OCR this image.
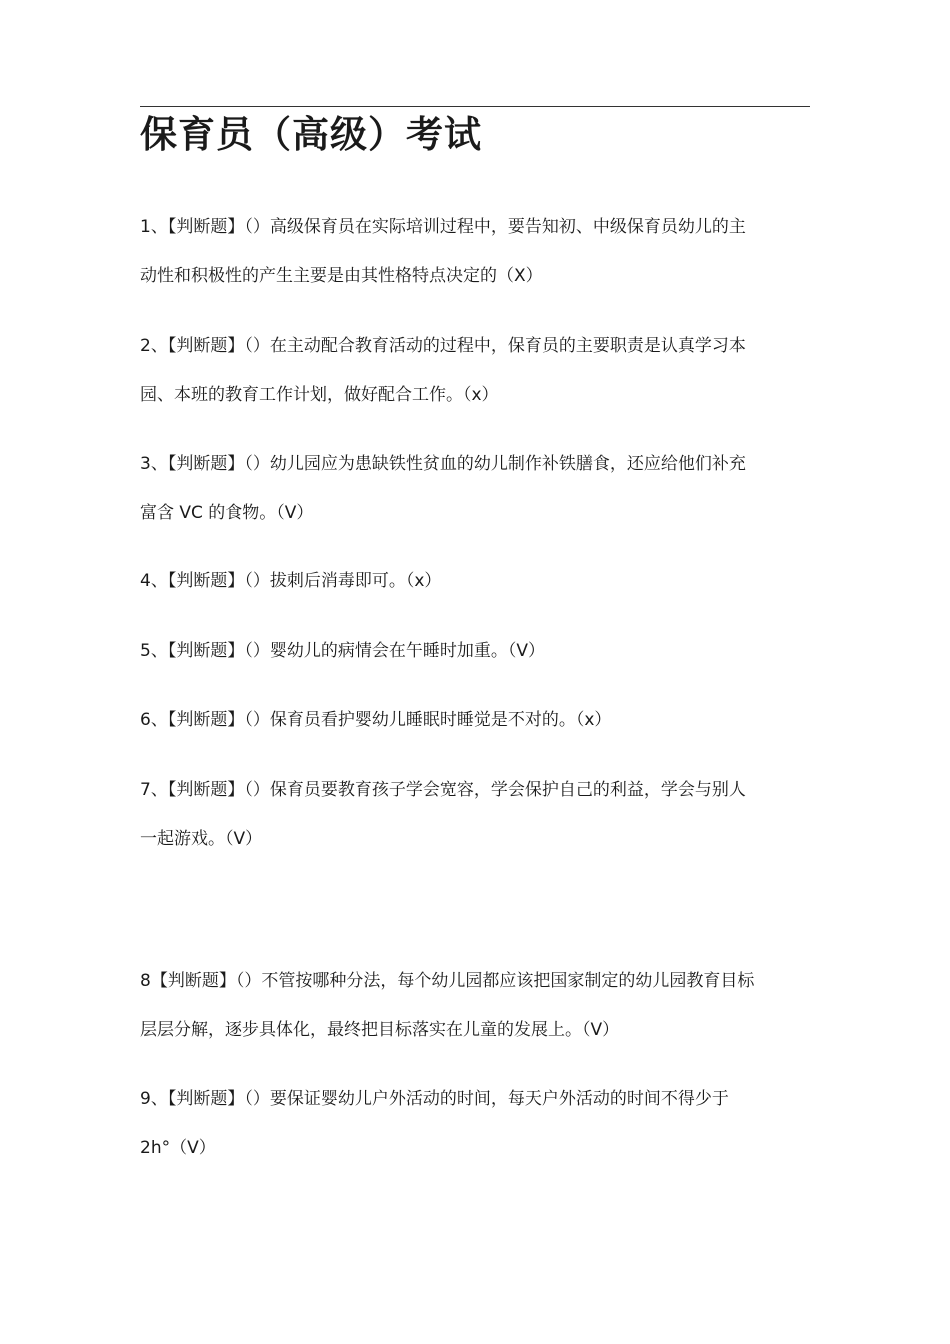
保育员（高级）考试

1、【判断题】（）高级保育员在实际培训过程中，要告知初、中级保育员幼儿的主
动性和积极性的产生主要是由其性格特点决定的（X）

2、【判断题】（）在主动配合教育活动的过程中，保育员的主要职责是认真学习本
园、本班的教育工作计划，做好配合工作。（x）

3、【判断题】（）幼儿园应为患缺铁性贫血的幼儿制作补铁膳食，还应给他们补充
富含 VC 的食物。（V）

4、【判断题】（）拔刺后消毒即可。（x）

5、【判断题】（）婴幼儿的病情会在午睡时加重。（V）

6、【判断题】（）保育员看护婴幼儿睡眠时睡觉是不对的。（x）

7、【判断题】（）保育员要教育孩子学会宽容，学会保护自己的利益，学会与别人
一起游戏。（V）

8【判断题】（）不管按哪种分法，每个幼儿园都应该把国家制定的幼儿园教育目标
层层分解，逐步具体化，最终把目标落实在儿童的发展上。（V）

9、【判断题】（）要保证婴幼儿户外活动的时间，每天户外活动的时间不得少于
2h°（V）
